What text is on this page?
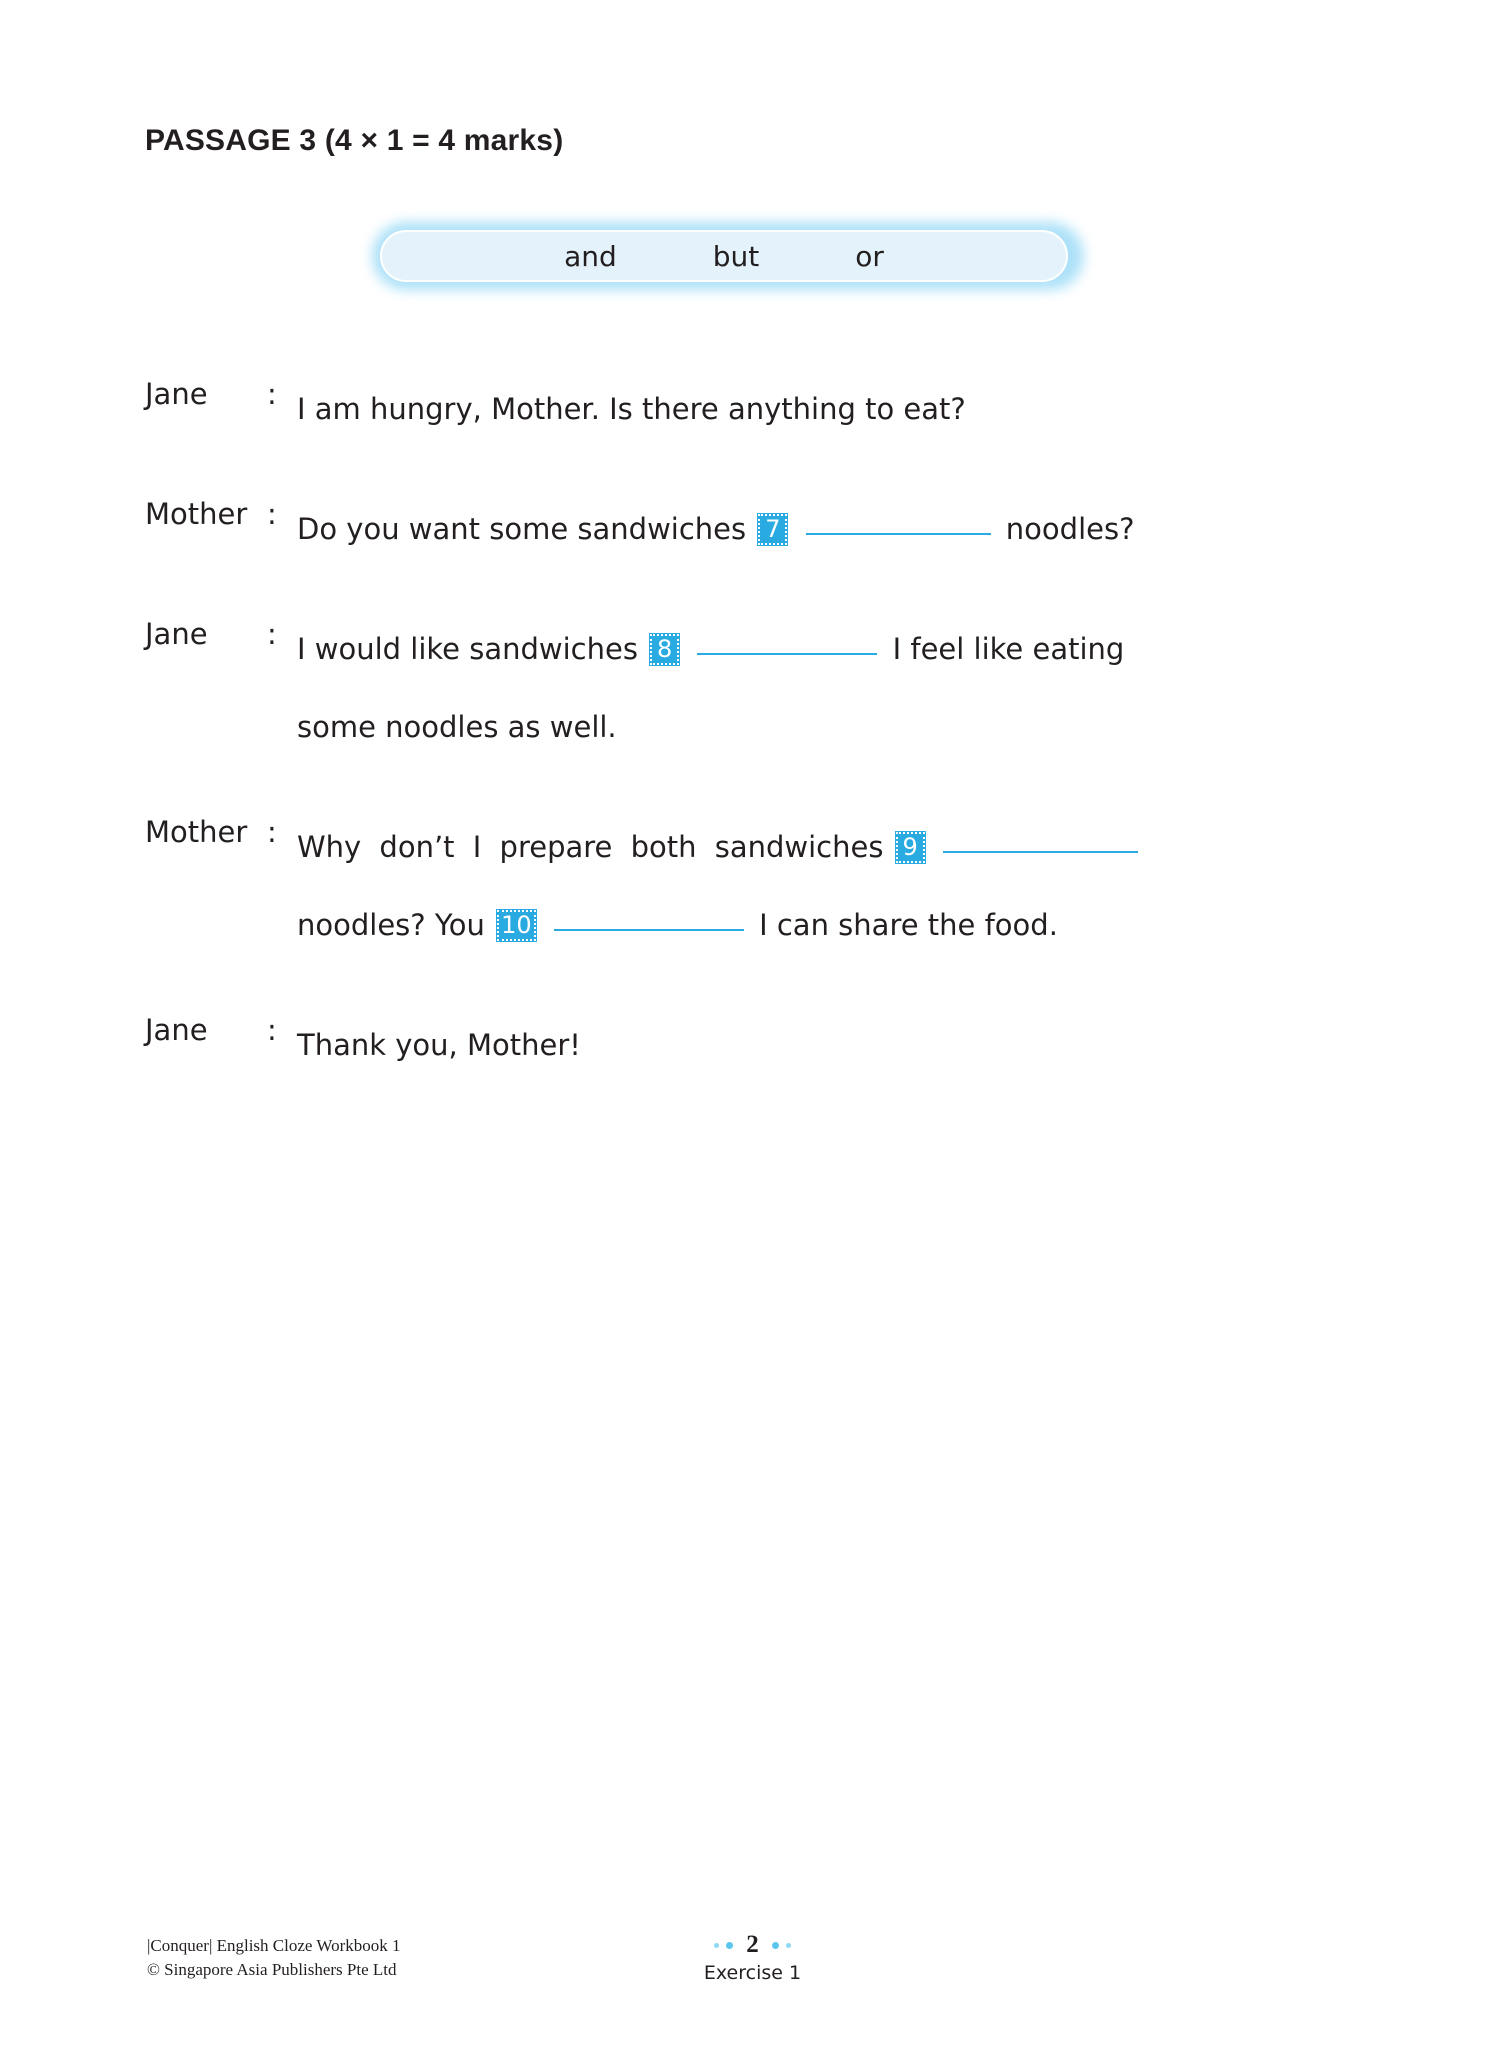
PASSAGE 3 (4 × 1 = 4 marks)
and	but	or
Jane	: I am hungry, Mother. Is there anything to eat?
Mother : Do you want some sandwiches 7	noodles?
Jane	: I would like sandwiches 8	I feel like eating
some noodles as well.
Mother : Why don’t I prepare both sandwiches 9
noodles? You 10	I can share the food.
Jane	: Thank you, Mother!
|Conquer| English Cloze Workbook 1
© Singapore Asia Publishers Pte Ltd
2
Exercise 1
